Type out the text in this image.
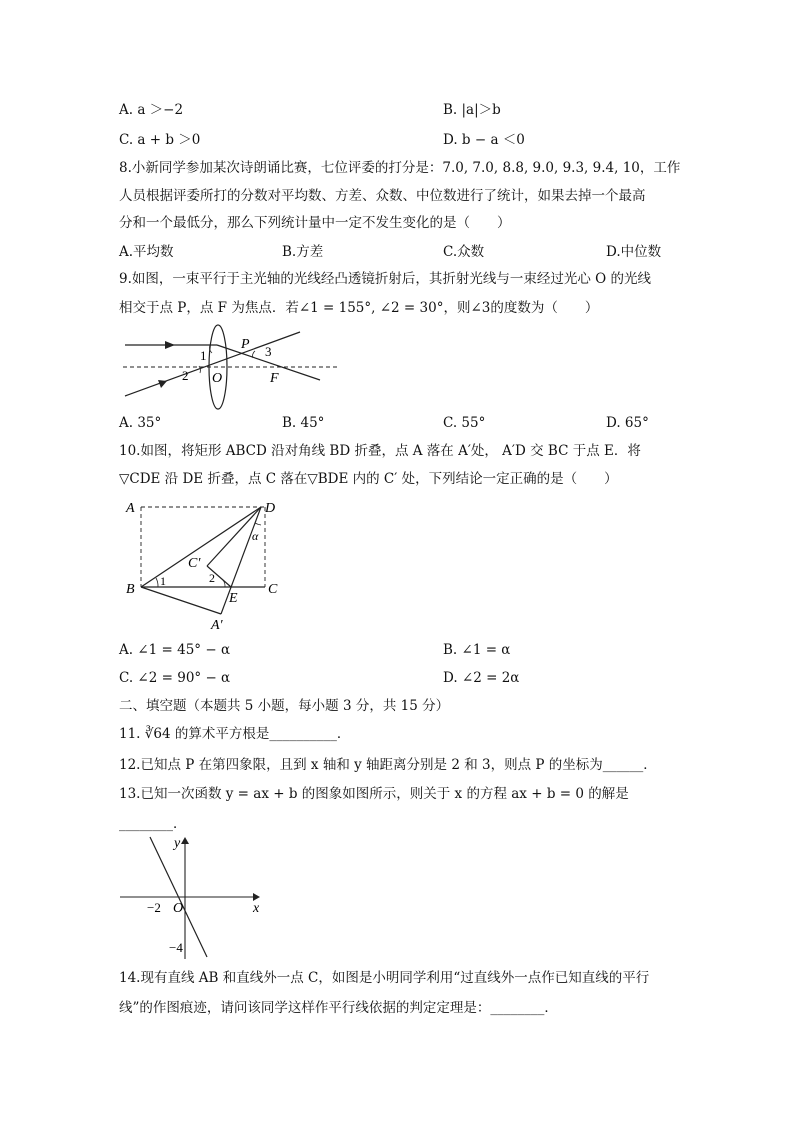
A. a ＞−2	B. |a|＞b
C. a + b ＞0	D. b − a ＜0
8.小新同学参加某次诗朗诵比赛，七位评委的打分是：7.0, 7.0, 8.8, 9.0, 9.3, 9.4, 10，工作
人员根据评委所打的分数对平均数、方差、众数、中位数进行了统计，如果去掉一个最高
分和一个最低分，那么下列统计量中一定不发生变化的是（　　）
A.平均数	B.方差	C.众数	D.中位数
9.如图，一束平行于主光轴的光线经凸透镜折射后，其折射光线与一束经过光心 O 的光线
相交于点 P，点 F 为焦点．若∠1 = 155°, ∠2 = 30°，则∠3的度数为（　　）
1
2
3
P
O	F
A. 35°	B. 45°	C. 55°	D. 65°
10.如图，将矩形 ABCD 沿对角线 BD 折叠，点 A 落在 A′处， A′D 交 BC 于点 E．将
▽CDE 沿 DE 折叠，点 C 落在▽BDE 内的 C′ 处，下列结论一定正确的是（　　）
A
B	C
D
E
A′
C′
1	2
α
A. ∠1 = 45° − α	B. ∠1 = α
C. ∠2 = 90° − α	D. ∠2 = 2α
二、填空题（本题共 5 小题，每小题 3 分，共 15 分）
11. ∛64 的算术平方根是__________．
12.已知点 P 在第四象限，且到 x 轴和 y 轴距离分别是 2 和 3，则点 P 的坐标为______．
13.已知一次函数 y = ax + b 的图象如图所示，则关于 x 的方程 ax + b = 0 的解是
________．
x
y
O
−2
−4
14.现有直线 AB 和直线外一点 C，如图是小明同学利用“过直线外一点作已知直线的平行
线”的作图痕迹，请问该同学这样作平行线依据的判定定理是：________．
